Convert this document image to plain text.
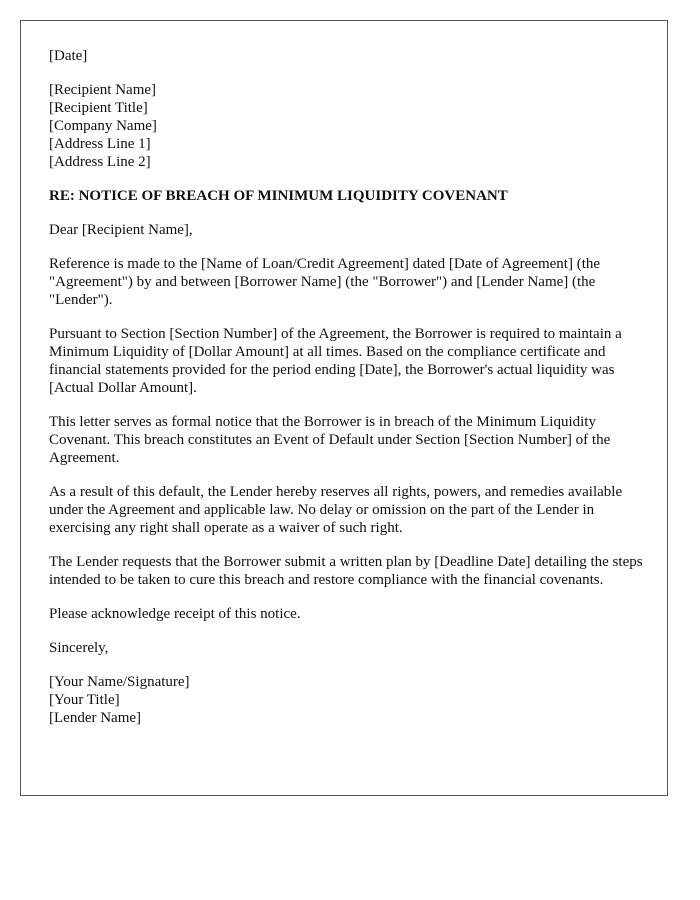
[Date]

[Recipient Name]

[Recipient Title]

[Company Name]

[Address Line 1]

[Address Line 2]

RE: NOTICE OF BREACH OF MINIMUM LIQUIDITY COVENANT

Dear [Recipient Name],

Reference is made to the [Name of Loan/Credit Agreement] dated [Date of Agreement] (the "Agreement") by and between [Borrower Name] (the "Borrower") and [Lender Name] (the "Lender").

Pursuant to Section [Section Number] of the Agreement, the Borrower is required to maintain a Minimum Liquidity of [Dollar Amount] at all times. Based on the compliance certificate and financial statements provided for the period ending [Date], the Borrower's actual liquidity was [Actual Dollar Amount].

This letter serves as formal notice that the Borrower is in breach of the Minimum Liquidity Covenant. This breach constitutes an Event of Default under Section [Section Number] of the Agreement.

As a result of this default, the Lender hereby reserves all rights, powers, and remedies available under the Agreement and applicable law. No delay or omission on the part of the Lender in exercising any right shall operate as a waiver of such right.

The Lender requests that the Borrower submit a written plan by [Deadline Date] detailing the steps intended to be taken to cure this breach and restore compliance with the financial covenants.

Please acknowledge receipt of this notice.

Sincerely,

[Your Name/Signature]

[Your Title]

[Lender Name]
